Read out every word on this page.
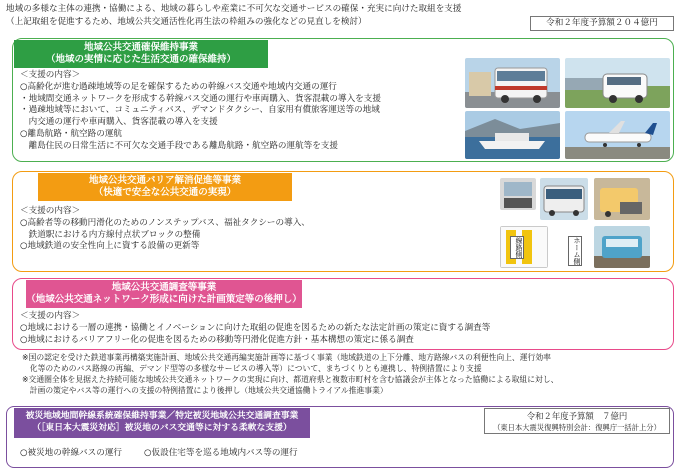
地域の多様な主体の連携・協働による、地域の暮らしや産業に不可欠な交通サービスの確保・充実に向けた取組を支援
（上記取組を促進するため、地域公共交通活性化再生法の枠組みの強化などの見直しを検討）	令和２年度予算額２０４億円
地域公共交通確保維持事業
（地域の実情に応じた生活交通の確保維持）
＜支援の内容＞
○高齢化が進む過疎地域等の足を確保するための幹線バス交通や地域内交通の運行
・地域間交通ネットワークを形成する幹線バス交通の運行や車両購入、貨客混載の導入を支援
・過疎地域等において、コミュニティバス、デマンドタクシー、自家用有償旅客運送等の地域
　内交通の運行や車両購入、貨客混載の導入を支援
○離島航路・航空路の運航
　離島住民の日常生活に不可欠な交通手段である離島航路・航空路の運航等を支援
地域公共交通バリア解消促進等事業
（快適で安全な公共交通の実現）
＜支援の内容＞
○高齢者等の移動円滑化のためのノンステップバス、福祉タクシーの導入、
　鉄道駅における内方線付点状ブロックの整備
○地域鉄道の安全性向上に資する設備の更新等	線路側	ホーム側
地域公共交通調査等事業
（地域公共交通ネットワーク形成に向けた計画策定等の後押し）
＜支援の内容＞
○地域における一層の連携・協働とイノベーションに向けた取組の促進を図るための新たな法定計画の策定に資する調査等
○地域におけるバリアフリー化の促進を図るための移動等円滑化促進方針・基本構想の策定に係る調査
※国の認定を受けた鉄道事業再構築実施計画、地域公共交通再編実施計画等に基づく事業（地域鉄道の上下分離、地方路線バスの利便性向上、運行効率
　化等のためのバス路線の再編、デマンド型等の多様なサービスの導入等）について、まちづくりとも連携し、特例措置により支援
※交通圏全体を見据えた持続可能な地域公共交通ネットワークの実現に向け、都道府県と複数市町村を含む協議会が主体となった協働による取組に対し、
　計画の策定やバス等の運行への支援の特例措置により後押し（地域公共交通協働トライアル推進事業）
被災地域地間幹線系統確保維持事業／特定被災地域公共交通調査事業
（［東日本大震災対応］被災地のバス交通等に対する柔軟な支援）
令和２年度予算額　７億円
（東日本大震災復興特別会計：復興庁一括計上分）
○被災地の幹線バスの運行	○仮設住宅等を巡る地域内バス等の運行
